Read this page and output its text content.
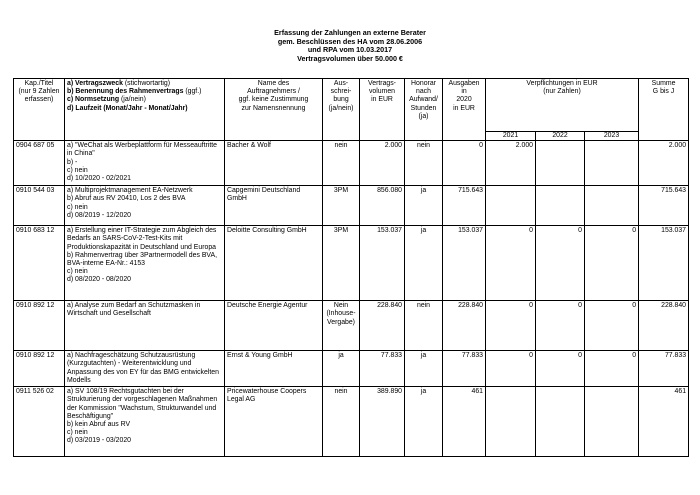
Erfassung der Zahlungen an externe Berater
gem. Beschlüssen des HA vom 28.06.2006
und RPA vom 10.03.2017
Vertragsvolumen über 50.000 €
Kap./Titel
(nur 9 Zahlen
erfassen)	a) Vertragszweck (stichwortartig)
b) Benennung des Rahmenvertrags (ggf.)
c) Normsetzung (ja/nein)
d) Laufzeit (Monat/Jahr - Monat/Jahr)	Name des
Auftragnehmers /
ggf. keine Zustimmung
zur Namensnennung	Aus-
schrei-
bung
(ja/nein)	Vertrags-
volumen
in EUR	Honorar
nach
Aufwand/
Stunden
(ja)	Ausgaben in
2020
in EUR	Verpflichtungen in EUR
(nur Zahlen)			Summe
G bis J

							2021	2022	2023	
0904 687 05	a) "WeChat als Werbeplattform für Messeauftritte in China"
b) -
c) nein
d) 10/2020 - 02/2021	Bacher & Wolf	nein	2.000	nein	0	2.000			2.000
0910 544 03	a) Multiprojektmanagement EA-Netzwerk
b) Abruf aus RV 20410, Los 2 des BVA
c) nein
d) 08/2019 - 12/2020	Capgemini Deutschland GmbH	3PM	856.080	ja	715.643				715.643
0910 683 12	a) Erstellung einer IT-Strategie zum Abgleich des Bedarfs an SARS-CoV-2-Test-Kits mit Produktionskapazität in Deutschland und Europa
b) Rahmenvertrag über 3Partnermodell des BVA, BVA-interne EA-Nr.: 4153
c) nein
d) 08/2020 - 08/2020	Deloitte Consulting GmbH	3PM	153.037	ja	153.037	0	0	0	153.037
0910 892 12	a) Analyse zum Bedarf an Schutzmasken in Wirtschaft und Gesellschaft	Deutsche Energie Agentur	Nein (Inhouse-Vergabe)	228.840	nein	228.840	0	0	0	228.840
0910 892 12	a) Nachfrageschätzung Schutzausrüstung (Kurzgutachten) - Weiterentwicklung und Anpassung des von EY für das BMG entwickelten Modells	Ernst & Young GmbH	ja	77.833	ja	77.833	0	0	0	77.833
0911 526 02	a) SV 108/19 Rechtsgutachten bei der Strukturierung der vorgeschlagenen Maßnahmen der Kommission "Wachstum, Strukturwandel und Beschäftigung"
b) kein Abruf aus RV
c) nein
d) 03/2019 - 03/2020	Pricewaterhouse Coopers Legal AG	nein	389.890	ja	461				461
